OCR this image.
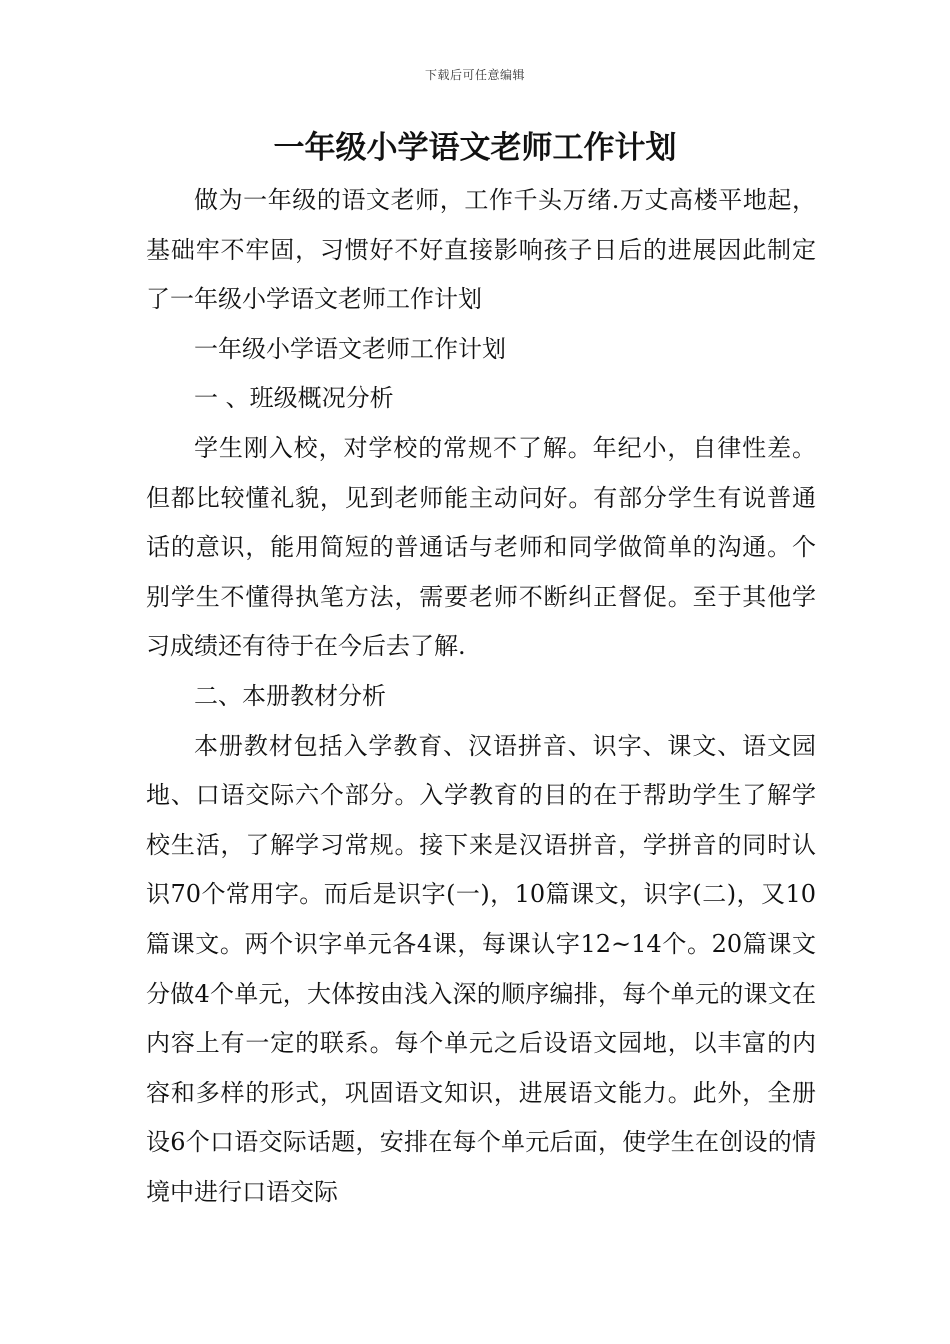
下载后可任意编辑
一年级小学语文老师工作计划

做为一年级的语文老师，工作千头万绪.万丈高楼平地起，基础牢不牢固，习惯好不好直接影响孩子日后的进展因此制定了一年级小学语文老师工作计划

一年级小学语文老师工作计划

一 、班级概况分析

学生刚入校，对学校的常规不了解。年纪小，自律性差。但都比较懂礼貌，见到老师能主动问好。有部分学生有说普通话的意识，能用简短的普通话与老师和同学做简单的沟通。个别学生不懂得执笔方法，需要老师不断纠正督促。至于其他学习成绩还有待于在今后去了解.

二、本册教材分析

本册教材包括入学教育、汉语拼音、识字、课文、语文园地、口语交际六个部分。入学教育的目的在于帮助学生了解学校生活，了解学习常规。接下来是汉语拼音，学拼音的同时认识70个常用字。而后是识字(一)，10篇课文，识字(二)，又10篇课文。两个识字单元各4课，每课认字12~14个。20篇课文分做4个单元，大体按由浅入深的顺序编排，每个单元的课文在内容上有一定的联系。每个单元之后设语文园地，以丰富的内容和多样的形式，巩固语文知识，进展语文能力。此外，全册设6个口语交际话题，安排在每个单元后面，使学生在创设的情境中进行口语交际
